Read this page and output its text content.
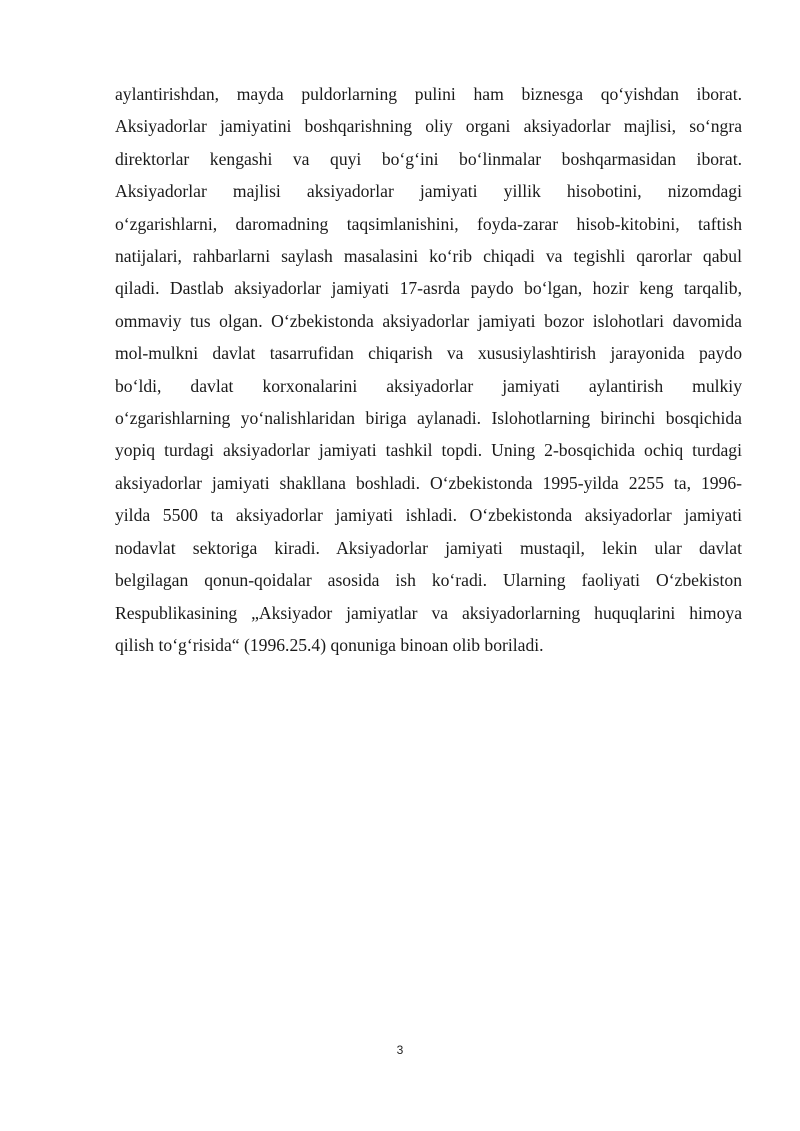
aylantirishdan, mayda puldorlarning pulini ham biznesga qo‘yishdan iborat.
Aksiyadorlar jamiyatini boshqarishning oliy organi aksiyadorlar majlisi, so‘ngra
direktorlar kengashi va quyi bo‘g‘ini bo‘linmalar boshqarmasidan iborat.
Aksiyadorlar majlisi aksiyadorlar jamiyati yillik hisobotini, nizomdagi
o‘zgarishlarni, daromadning taqsimlanishini, foyda-zarar hisob-kitobini, taftish
natijalari, rahbarlarni saylash masalasini ko‘rib chiqadi va tegishli qarorlar qabul
qiladi. Dastlab aksiyadorlar jamiyati 17-asrda paydo bo‘lgan, hozir keng tarqalib,
ommaviy tus olgan. O‘zbekistonda aksiyadorlar jamiyati bozor islohotlari davomida
mol-mulkni davlat tasarrufidan chiqarish va xususiylashtirish jarayonida paydo
bo‘ldi, davlat korxonalarini aksiyadorlar jamiyati aylantirish mulkiy
o‘zgarishlarning yo‘nalishlaridan biriga aylanadi. Islohotlarning birinchi bosqichida
yopiq turdagi aksiyadorlar jamiyati tashkil topdi. Uning 2-bosqichida ochiq turdagi
aksiyadorlar jamiyati shakllana boshladi. O‘zbekistonda 1995-yilda 2255 ta, 1996-
yilda 5500 ta aksiyadorlar jamiyati ishladi. O‘zbekistonda aksiyadorlar jamiyati
nodavlat sektoriga kiradi. Aksiyadorlar jamiyati mustaqil, lekin ular davlat
belgilagan qonun-qoidalar asosida ish ko‘radi. Ularning faoliyati O‘zbekiston
Respublikasining „Aksiyador jamiyatlar va aksiyadorlarning huquqlarini himoya
qilish to‘g‘risida“ (1996.25.4) qonuniga binoan olib boriladi.
3
